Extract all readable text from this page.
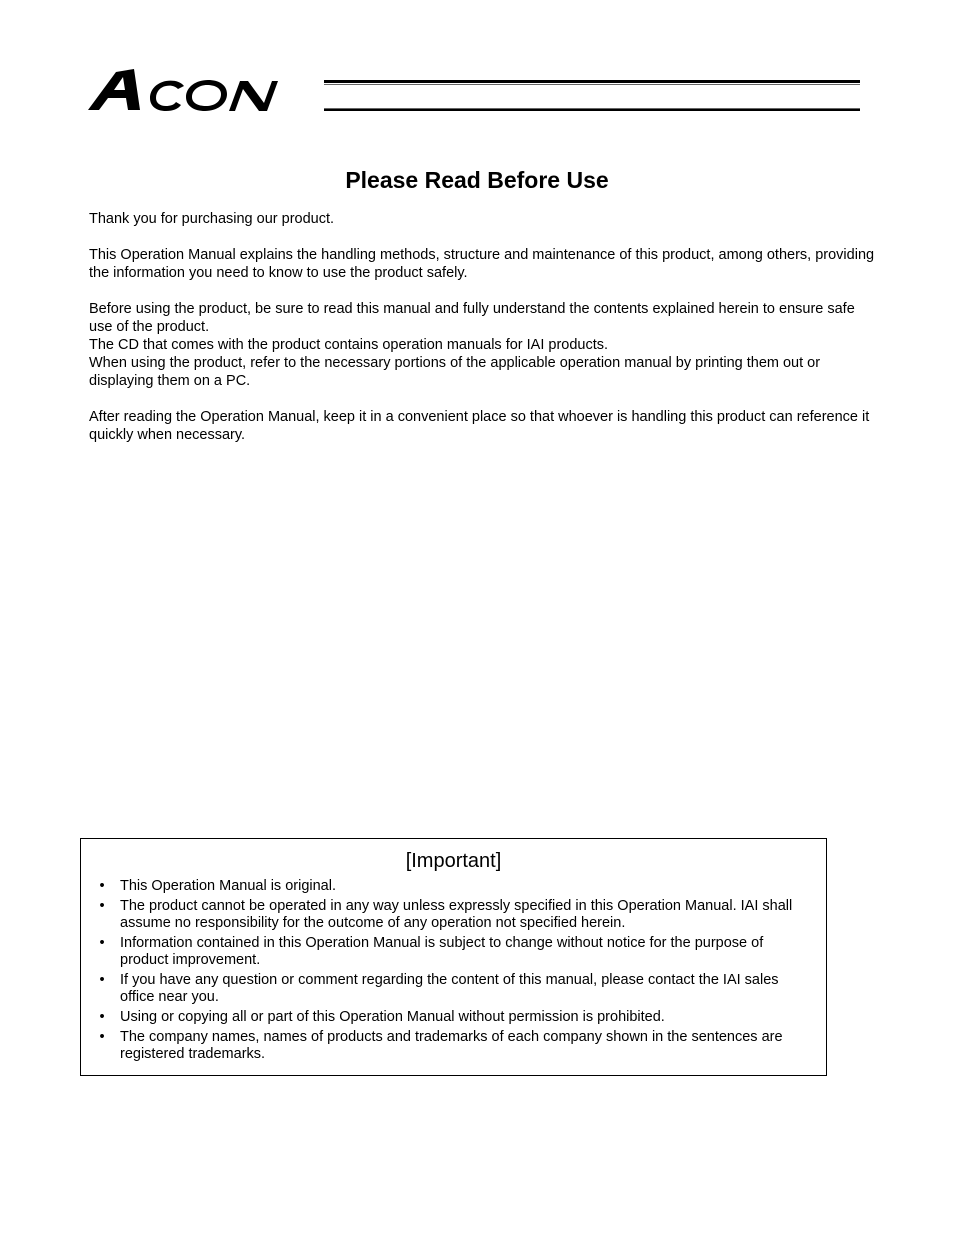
ACON
Please Read Before Use

Thank you for purchasing our product.

This Operation Manual explains the handling methods, structure and maintenance of this product, among others, providing the information you need to know to use the product safely.

Before using the product, be sure to read this manual and fully understand the contents explained herein to ensure safe use of the product.

The CD that comes with the product contains operation manuals for IAI products.

When using the product, refer to the necessary portions of the applicable operation manual by printing them out or displaying them on a PC.

After reading the Operation Manual, keep it in a convenient place so that whoever is handling this product can reference it quickly when necessary.

[Important]
• This Operation Manual is original.
• The product cannot be operated in any way unless expressly specified in this Operation Manual. IAI shall assume no responsibility for the outcome of any operation not specified herein.
• Information contained in this Operation Manual is subject to change without notice for the purpose of product improvement.
• If you have any question or comment regarding the content of this manual, please contact the IAI sales office near you.
• Using or copying all or part of this Operation Manual without permission is prohibited.
• The company names, names of products and trademarks of each company shown in the sentences are registered trademarks.
